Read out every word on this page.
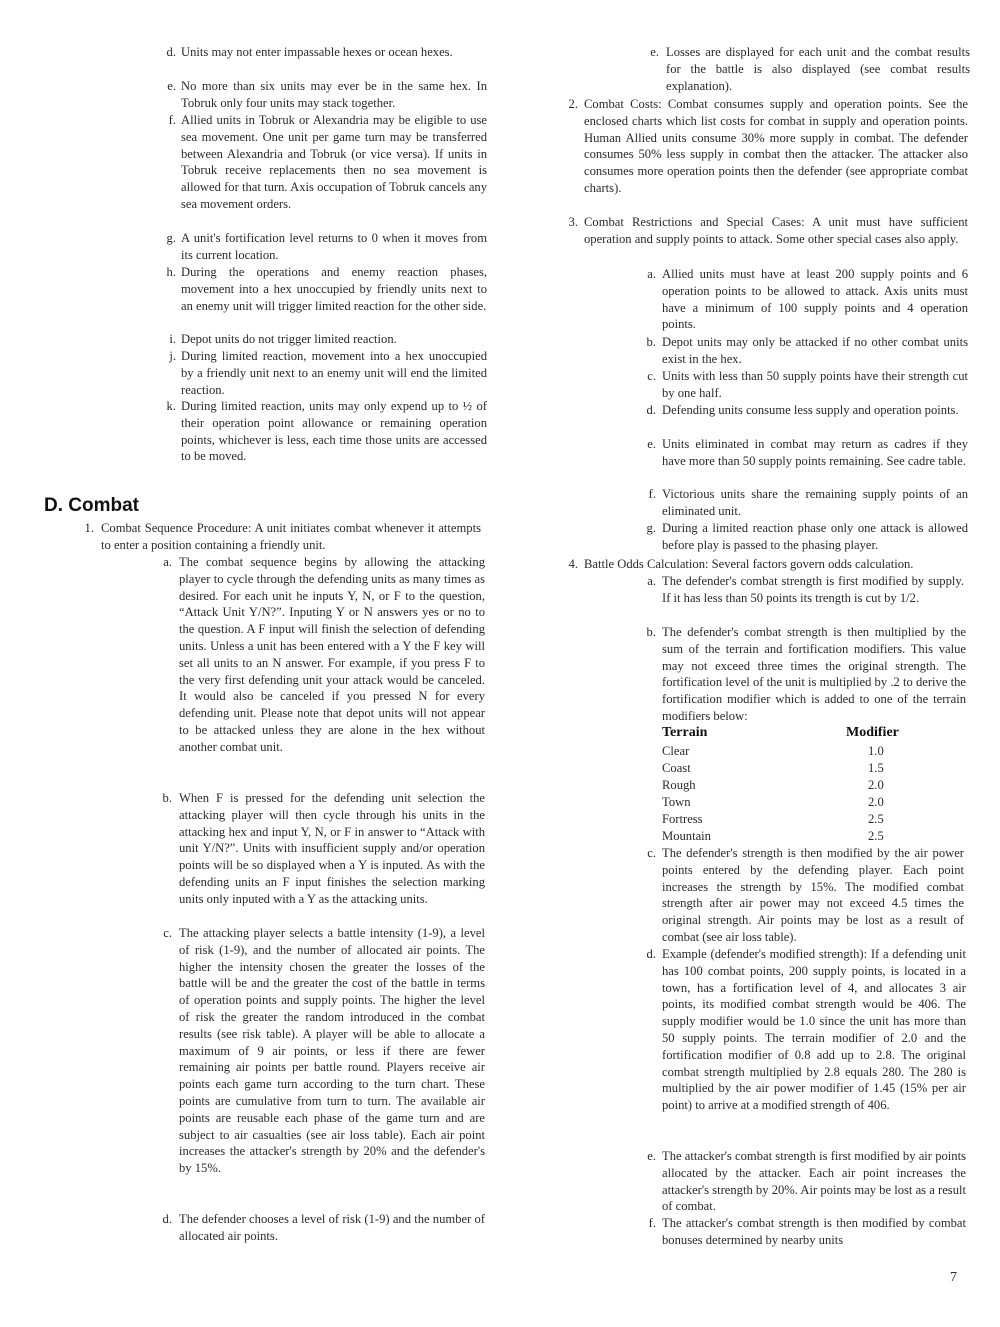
d. Units may not enter impassable hexes or ocean hexes.
e. No more than six units may ever be in the same hex. In Tobruk only four units may stack together.
f. Allied units in Tobruk or Alexandria may be eligible to use sea movement. One unit per game turn may be transferred between Alexandria and Tobruk (or vice versa). If units in Tobruk receive replacements then no sea movement is allowed for that turn. Axis occupation of Tobruk cancels any sea movement orders.
g. A unit's fortification level returns to 0 when it moves from its current location.
h. During the operations and enemy reaction phases, movement into a hex unoccupied by friendly units next to an enemy unit will trigger limited reaction for the other side.
i. Depot units do not trigger limited reaction.
j. During limited reaction, movement into a hex unoccupied by a friendly unit next to an enemy unit will end the limited reaction.
k. During limited reaction, units may only expend up to ½ of their operation point allowance or remaining operation points, whichever is less, each time those units are accessed to be moved.
D. Combat
1. Combat Sequence Procedure: A unit initiates combat whenever it attempts to enter a position containing a friendly unit.
a. The combat sequence begins by allowing the attacking player to cycle through the defending units as many times as desired. For each unit he inputs Y, N, or F to the question, “Attack Unit Y/N?”. Inputing Y or N answers yes or no to the question. A F input will finish the selection of defending units. Unless a unit has been entered with a Y the F key will set all units to an N answer. For example, if you press F to the very first defending unit your attack would be canceled. It would also be canceled if you pressed N for every defending unit. Please note that depot units will not appear to be attacked unless they are alone in the hex without another combat unit.
b. When F is pressed for the defending unit selection the attacking player will then cycle through his units in the attacking hex and input Y, N, or F in answer to “Attack with unit Y/N?”. Units with insufficient supply and/or operation points will be so displayed when a Y is inputed. As with the defending units an F input finishes the selection marking units only inputed with a Y as the attacking units.
c. The attacking player selects a battle intensity (1-9), a level of risk (1-9), and the number of allocated air points. The higher the intensity chosen the greater the losses of the battle will be and the greater the cost of the battle in terms of operation points and supply points. The higher the level of risk the greater the random introduced in the combat results (see risk table). A player will be able to allocate a maximum of 9 air points, or less if there are fewer remaining air points per battle round. Players receive air points each game turn according to the turn chart. These points are cumulative from turn to turn. The available air points are reusable each phase of the game turn and are subject to air casualties (see air loss table). Each air point increases the attacker's strength by 20% and the defender's by 15%.
d. The defender chooses a level of risk (1-9) and the number of allocated air points.
e. Losses are displayed for each unit and the combat results for the battle is also displayed (see combat results explanation).
2. Combat Costs: Combat consumes supply and operation points. See the enclosed charts which list costs for combat in supply and operation points. Human Allied units consume 30% more supply in combat. The defender consumes 50% less supply in combat then the attacker. The attacker also consumes more operation points then the defender (see appropriate combat charts).
3. Combat Restrictions and Special Cases: A unit must have sufficient operation and supply points to attack. Some other special cases also apply.
a. Allied units must have at least 200 supply points and 6 operation points to be allowed to attack. Axis units must have a minimum of 100 supply points and 4 operation points.
b. Depot units may only be attacked if no other combat units exist in the hex.
c. Units with less than 50 supply points have their strength cut by one half.
d. Defending units consume less supply and operation points.
e. Units eliminated in combat may return as cadres if they have more than 50 supply points remaining. See cadre table.
f. Victorious units share the remaining supply points of an eliminated unit.
g. During a limited reaction phase only one attack is allowed before play is passed to the phasing player.
4. Battle Odds Calculation: Several factors govern odds calculation.
a. The defender's combat strength is first modified by supply. If it has less than 50 points its trength is cut by 1/2.
b. The defender's combat strength is then multiplied by the sum of the terrain and fortification modifiers. This value may not exceed three times the original strength. The fortification level of the unit is multiplied by .2 to derive the fortification modifier which is added to one of the terrain modifiers below:
Terrain	Modifier
Clear	1.0
Coast	1.5
Rough	2.0
Town	2.0
Fortress	2.5
Mountain	2.5
c. The defender's strength is then modified by the air power points entered by the defending player. Each point increases the strength by 15%. The modified combat strength after air power may not exceed 4.5 times the original strength. Air points may be lost as a result of combat (see air loss table).
d. Example (defender's modified strength): If a defending unit has 100 combat points, 200 supply points, is located in a town, has a fortification level of 4, and allocates 3 air points, its modified combat strength would be 406. The supply modifier would be 1.0 since the unit has more than 50 supply points. The terrain modifier of 2.0 and the fortification modifier of 0.8 add up to 2.8. The original combat strength multiplied by 2.8 equals 280. The 280 is multiplied by the air power modifier of 1.45 (15% per air point) to arrive at a modified strength of 406.
e. The attacker's combat strength is first modified by air points allocated by the attacker. Each air point increases the attacker's strength by 20%. Air points may be lost as a result of combat.
f. The attacker's combat strength is then modified by combat bonuses determined by nearby units
7
